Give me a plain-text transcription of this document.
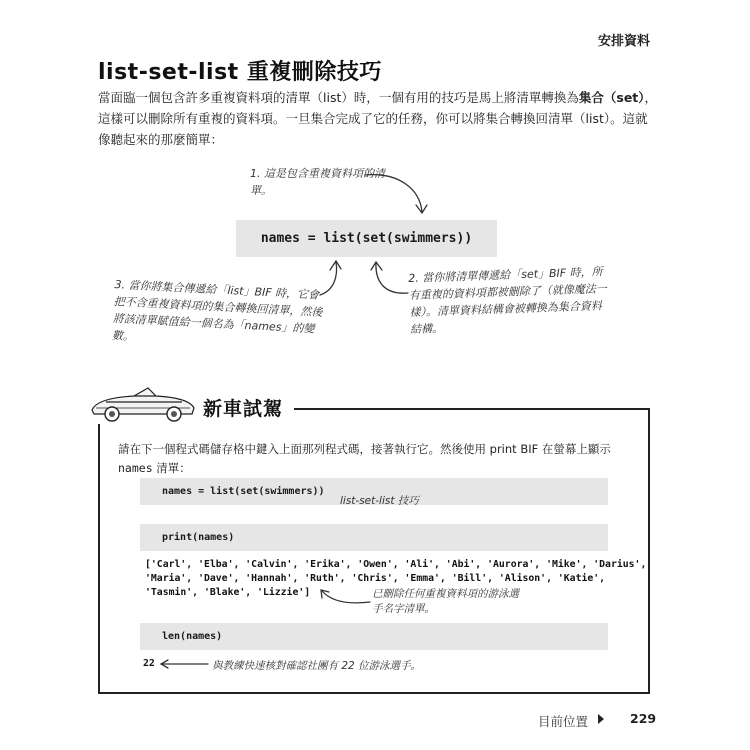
安排資料
list-set-list 重複刪除技巧
當面臨一個包含許多重複資料項的清單（list）時，一個有用的技巧是馬上將清單轉換為集合（set），這樣可以刪除所有重複的資料項。一旦集合完成了它的任務，你可以將集合轉換回清單（list）。這就像聽起來的那麼簡單：
1. 這是包含重複資料項的清單。
names = list(set(swimmers))
3. 當你將集合傳遞給「list」BIF 時，它會把不含重複資料項的集合轉換回清單，然後將該清單賦值給一個名為「names」的變數。
2. 當你將清單傳遞給「set」BIF 時，所有重複的資料項都被刪除了（就像魔法一樣）。清單資料結構會被轉換為集合資料結構。
新車試駕
請在下一個程式碼儲存格中鍵入上面那列程式碼，接著執行它。然後使用 print BIF 在螢幕上顯示 names 清單：
names = list(set(swimmers))
list-set-list 技巧
print(names)
['Carl', 'Elba', 'Calvin', 'Erika', 'Owen', 'Ali', 'Abi', 'Aurora', 'Mike', 'Darius',
'Maria', 'Dave', 'Hannah', 'Ruth', 'Chris', 'Emma', 'Bill', 'Alison', 'Katie',
'Tasmin', 'Blake', 'Lizzie']	已刪除任何重複資料項的游泳選手名字清單。
len(names)
22	與教練快速核對確認社團有 22 位游泳選手。
目前位置	229
